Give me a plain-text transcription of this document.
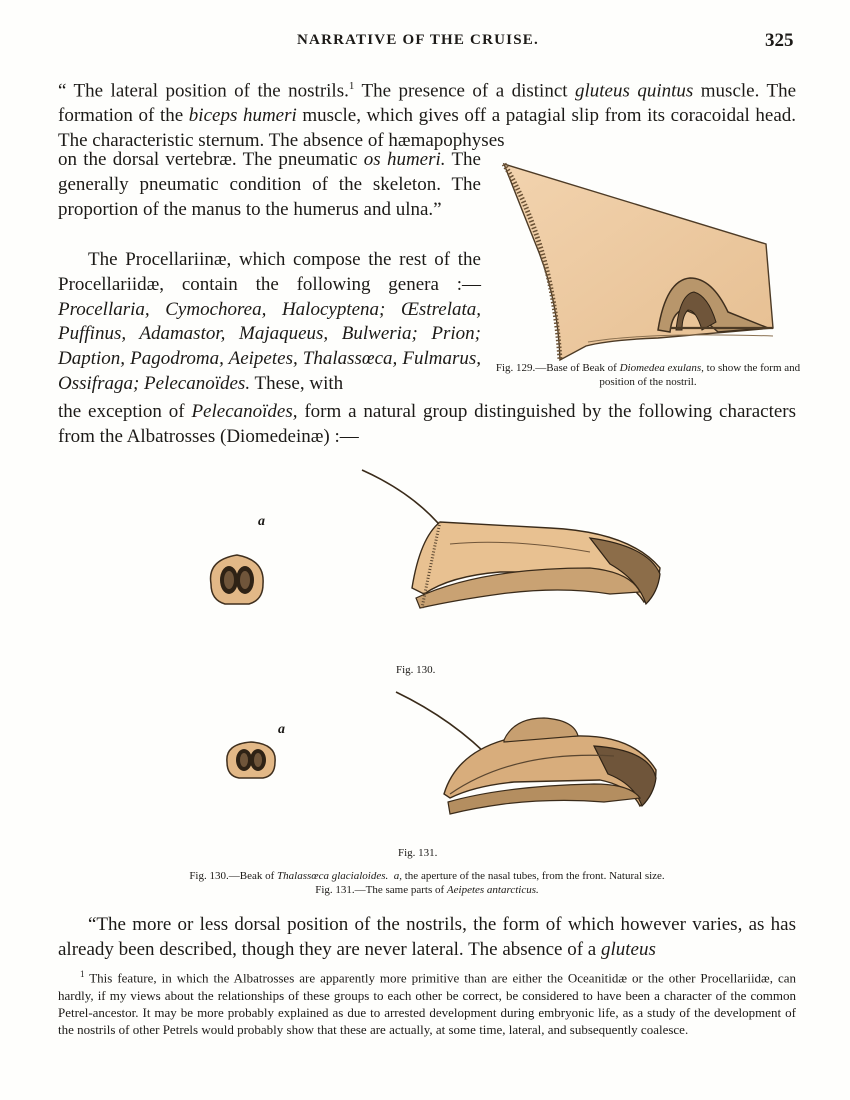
NARRATIVE OF THE CRUISE.	325
“ The lateral position of the nostrils.$^1$ The presence of a distinct gluteus quintus muscle. The formation of the biceps humeri muscle, which gives off a patagial slip from its coracoidal head. The characteristic sternum. The absence of hæmapophyses
on the dorsal vertebræ. The pneumatic os humeri. The generally pneumatic condition of the skeleton. The proportion of the manus to the humerus and ulna.”
The Procellariinæ, which compose the rest of the Procellariidæ, contain the following genera :— Procellaria, Cymochorea, Halocyptena; Œstrelata, Puffinus, Adamastor, Majaqueus, Bulweria; Prion; Daption, Pagodroma, Aeipetes, Thalassœca, Fulmarus, Ossifraga; Pelecanoïdes. These, with
the exception of Pelecanoïdes, form a natural group distinguished by the following characters from the Albatrosses (Diomedeinæ) :—
Fig. 129.—Base of Beak of Diomedea exulans, to show the form and position of the nostril.
a
Fig. 130.
a
Fig. 131.
Fig. 130.—Beak of Thalassœca glacialoides. a, the aperture of the nasal tubes, from the front. Natural size.
Fig. 131.—The same parts of Aeipetes antarcticus.
“The more or less dorsal position of the nostrils, the form of which however varies, as has already been described, though they are never lateral. The absence of a gluteus
$^1$ This feature, in which the Albatrosses are apparently more primitive than are either the Oceanitidæ or the other Procellariidæ, can hardly, if my views about the relationships of these groups to each other be correct, be considered to have been a character of the common Petrel-ancestor. It may be more probably explained as due to arrested development during embryonic life, as a study of the development of the nostrils of other Petrels would probably show that these are actually, at some time, lateral, and subsequently coalesce.
